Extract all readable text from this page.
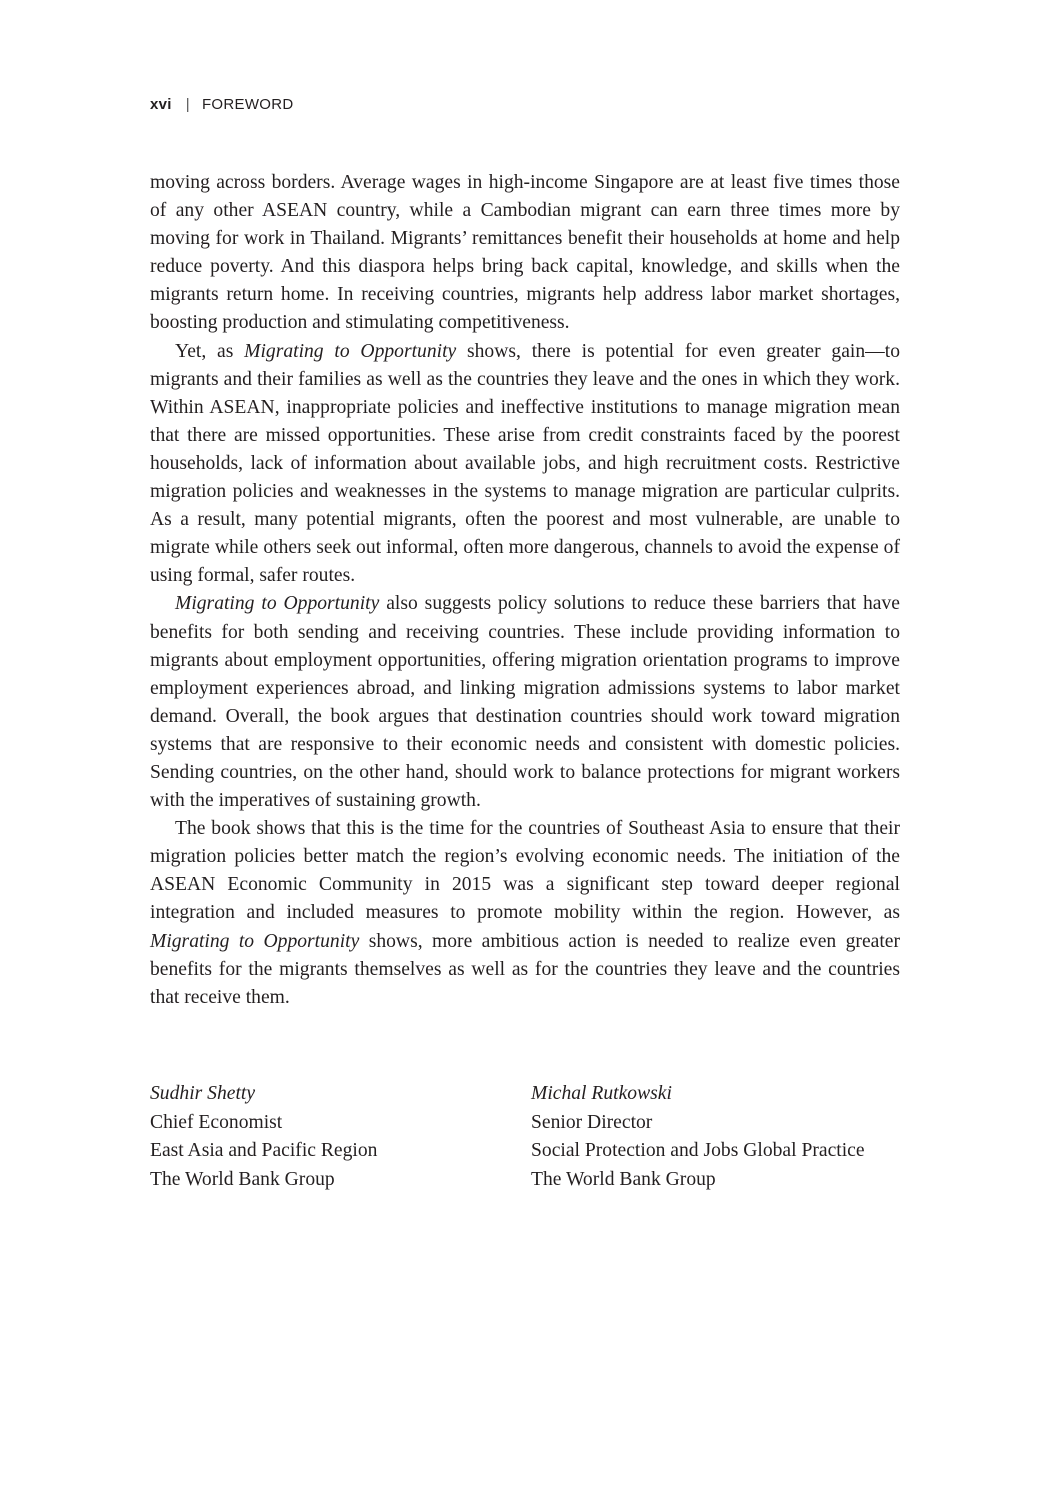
xvi | FOREWORD

moving across borders. Average wages in high-income Singapore are at least five times those of any other ASEAN country, while a Cambodian migrant can earn three times more by moving for work in Thailand. Migrants’ remittances benefit their households at home and help reduce poverty. And this diaspora helps bring back capital, knowledge, and skills when the migrants return home. In receiving countries, migrants help address labor market shortages, boosting production and stimulating competitiveness.

Yet, as Migrating to Opportunity shows, there is potential for even greater gain—to migrants and their families as well as the countries they leave and the ones in which they work. Within ASEAN, inappropriate policies and ineffective institutions to manage migration mean that there are missed opportunities. These arise from credit constraints faced by the poorest households, lack of information about available jobs, and high recruitment costs. Restrictive migration policies and weaknesses in the systems to manage migration are particular culprits. As a result, many potential migrants, often the poorest and most vulnerable, are unable to migrate while others seek out informal, often more dangerous, channels to avoid the expense of using formal, safer routes.

Migrating to Opportunity also suggests policy solutions to reduce these barriers that have benefits for both sending and receiving countries. These include providing information to migrants about employment opportunities, offering migration orientation programs to improve employment experiences abroad, and linking migration admissions systems to labor market demand. Overall, the book argues that destination countries should work toward migration systems that are responsive to their economic needs and consistent with domestic policies. Sending countries, on the other hand, should work to balance protections for migrant workers with the imperatives of sustaining growth.

The book shows that this is the time for the countries of Southeast Asia to ensure that their migration policies better match the region’s evolving economic needs. The initiation of the ASEAN Economic Community in 2015 was a significant step toward deeper regional integration and included measures to promote mobility within the region. However, as Migrating to Opportunity shows, more ambitious action is needed to realize even greater benefits for the migrants themselves as well as for the countries they leave and the countries that receive them.

Sudhir Shetty
Chief Economist
East Asia and Pacific Region
The World Bank Group
Michal Rutkowski
Senior Director
Social Protection and Jobs Global Practice
The World Bank Group
